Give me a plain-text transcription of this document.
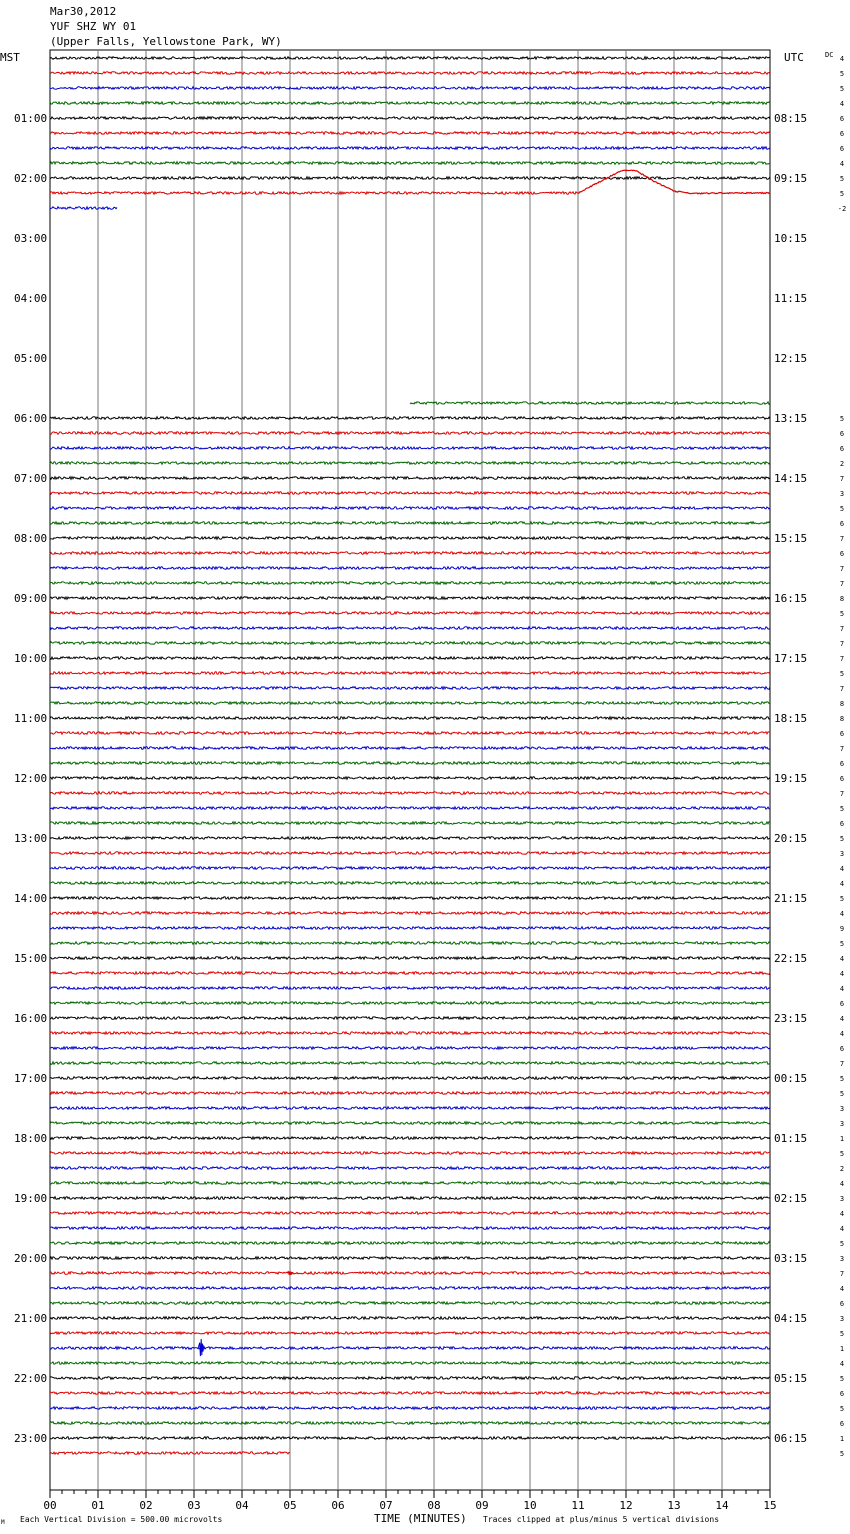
Mar30,2012
YUF SHZ WY 01
(Upper Falls, Yellowstone Park, WY)
M Each Vertical Division = 500.00 microvolts	TIME (MINUTES) Traces clipped at plus/minus 5 vertical divisions
00	01	02	03	04	05	06	07	08	09	10	11	12	13	14	15
MST	UTC	DC
01:00
02:00
03:00
04:00
05:00
06:00
07:00
08:00
09:00
10:00
11:00
12:00
13:00
14:00
15:00
16:00
17:00
18:00
19:00
20:00
21:00
22:00
23:00
08:15
09:15
10:15
11:15
12:15
13:15
14:15
15:15
16:15
17:15
18:15
19:15
20:15
21:15
22:15
23:15
00:15
01:15
02:15
03:15
04:15
05:15
06:15
4
5
5
4
6
6
6
4
5
5
-2
5
6
6
2
7
3
5
6
7
6
7
7
8
5
7
7
7
5
7
8
8
6
7
6
6
7
5
6
5
3
4
4
5
4
9
5
4
4
4
6
4
4
6
7
5
5
3
3
1
5
2
4
3
4
4
5
3
7
4
6
3
5
1
4
5
6
5
6
1
5
